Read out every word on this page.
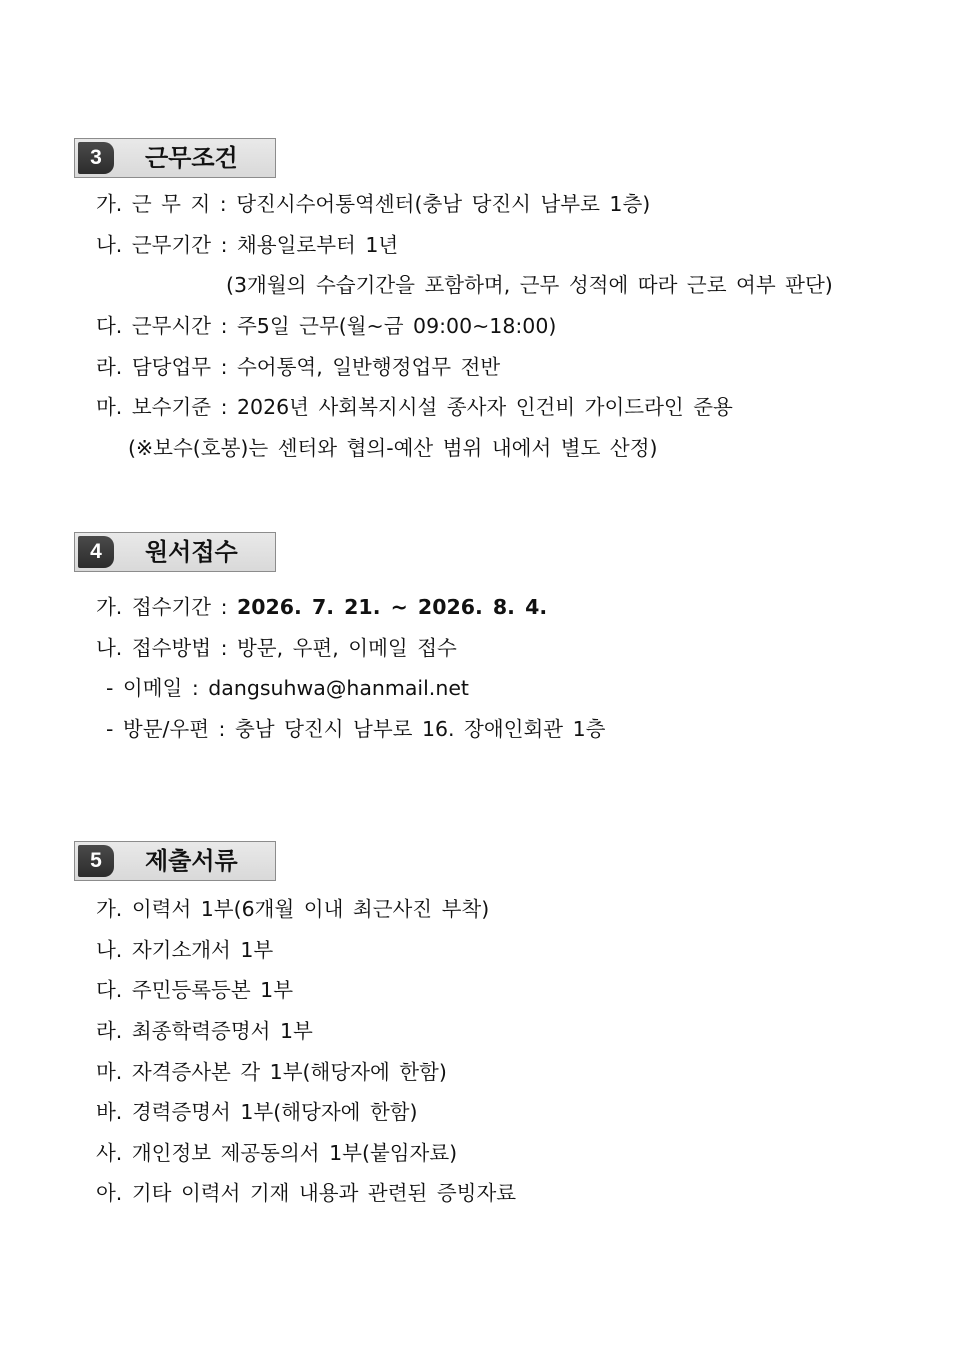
3	근무조건
가. 근 무 지 : 당진시수어통역센터(충남 당진시 남부로 1층)
나. 근무기간 : 채용일로부터 1년
(3개월의 수습기간을 포함하며, 근무 성적에 따라 근로 여부 판단)
다. 근무시간 : 주5일 근무(월~금 09:00~18:00)
라. 담당업무 : 수어통역, 일반행정업무 전반
마. 보수기준 : 2026년 사회복지시설 종사자 인건비 가이드라인 준용
(※보수(호봉)는 센터와 협의-예산 범위 내에서 별도 산정)
4	원서접수
가. 접수기간 : 2026. 7. 21. ~ 2026. 8. 4.
나. 접수방법 : 방문, 우편, 이메일 접수
- 이메일 : dangsuhwa@hanmail.net
- 방문/우편 : 충남 당진시 남부로 16. 장애인회관 1층
5	제출서류
가. 이력서 1부(6개월 이내 최근사진 부착)
나. 자기소개서 1부
다. 주민등록등본 1부
라. 최종학력증명서 1부
마. 자격증사본 각 1부(해당자에 한함)
바. 경력증명서 1부(해당자에 한함)
사. 개인정보 제공동의서 1부(붙임자료)
아. 기타 이력서 기재 내용과 관련된 증빙자료
